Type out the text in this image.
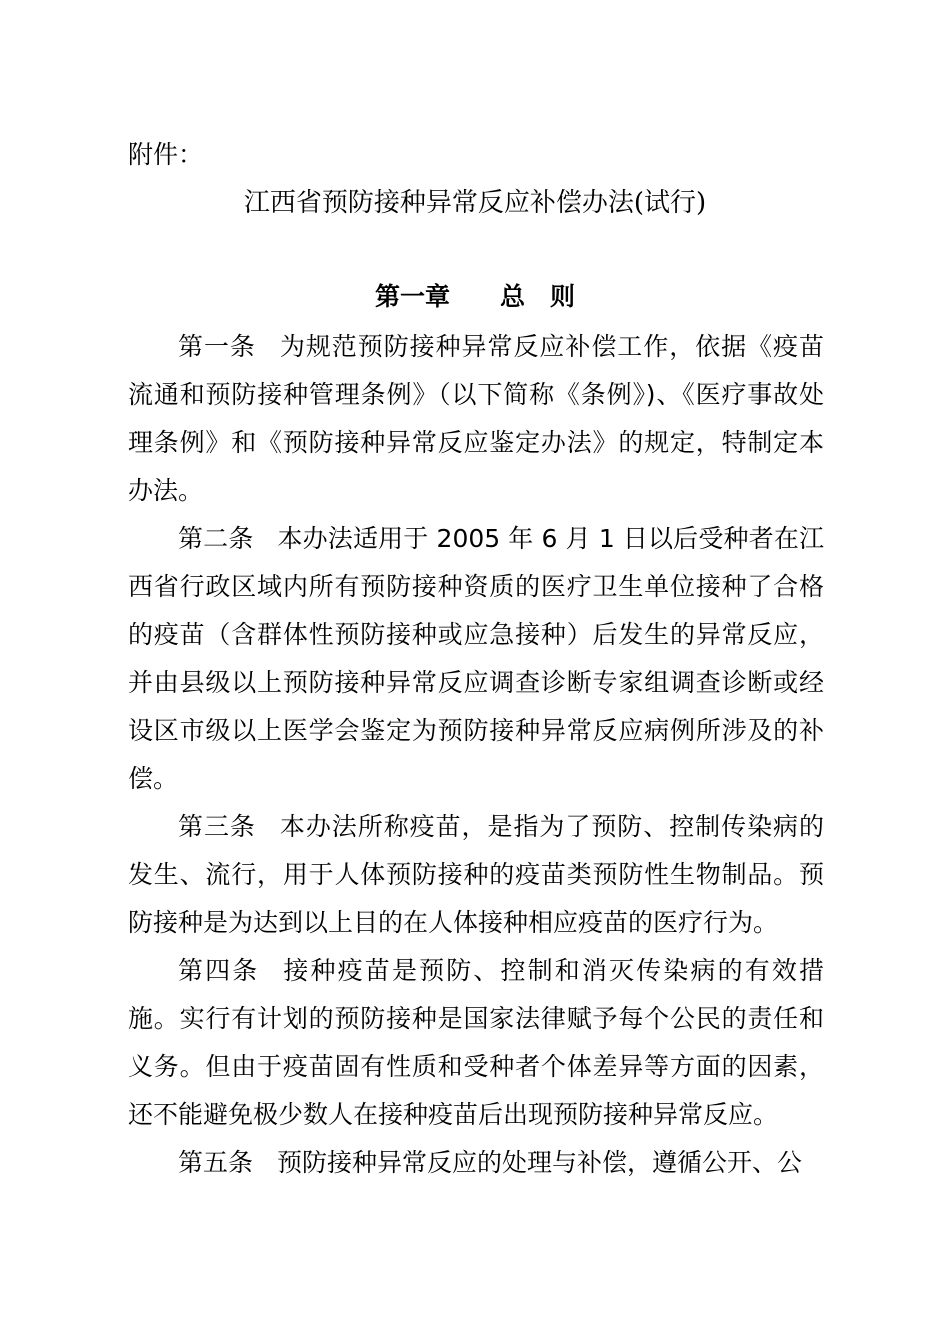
附件：
江西省预防接种异常反应补偿办法(试行)
第一章　　总　则

第一条 为规范预防接种异常反应补偿工作，依据《疫苗流通和预防接种管理条例》（以下简称《条例》)、《医疗事故处理条例》和《预防接种异常反应鉴定办法》的规定，特制定本办法。

第二条 本办法适用于 2005 年 6 月 1 日以后受种者在江西省行政区域内所有预防接种资质的医疗卫生单位接种了合格的疫苗（含群体性预防接种或应急接种）后发生的异常反应，并由县级以上预防接种异常反应调查诊断专家组调查诊断或经设区市级以上医学会鉴定为预防接种异常反应病例所涉及的补偿。

第三条 本办法所称疫苗，是指为了预防、控制传染病的发生、流行，用于人体预防接种的疫苗类预防性生物制品。预防接种是为达到以上目的在人体接种相应疫苗的医疗行为。

第四条 接种疫苗是预防、控制和消灭传染病的有效措施。实行有计划的预防接种是国家法律赋予每个公民的责任和义务。但由于疫苗固有性质和受种者个体差异等方面的因素，还不能避免极少数人在接种疫苗后出现预防接种异常反应。

第五条 预防接种异常反应的处理与补偿，遵循公开、公
